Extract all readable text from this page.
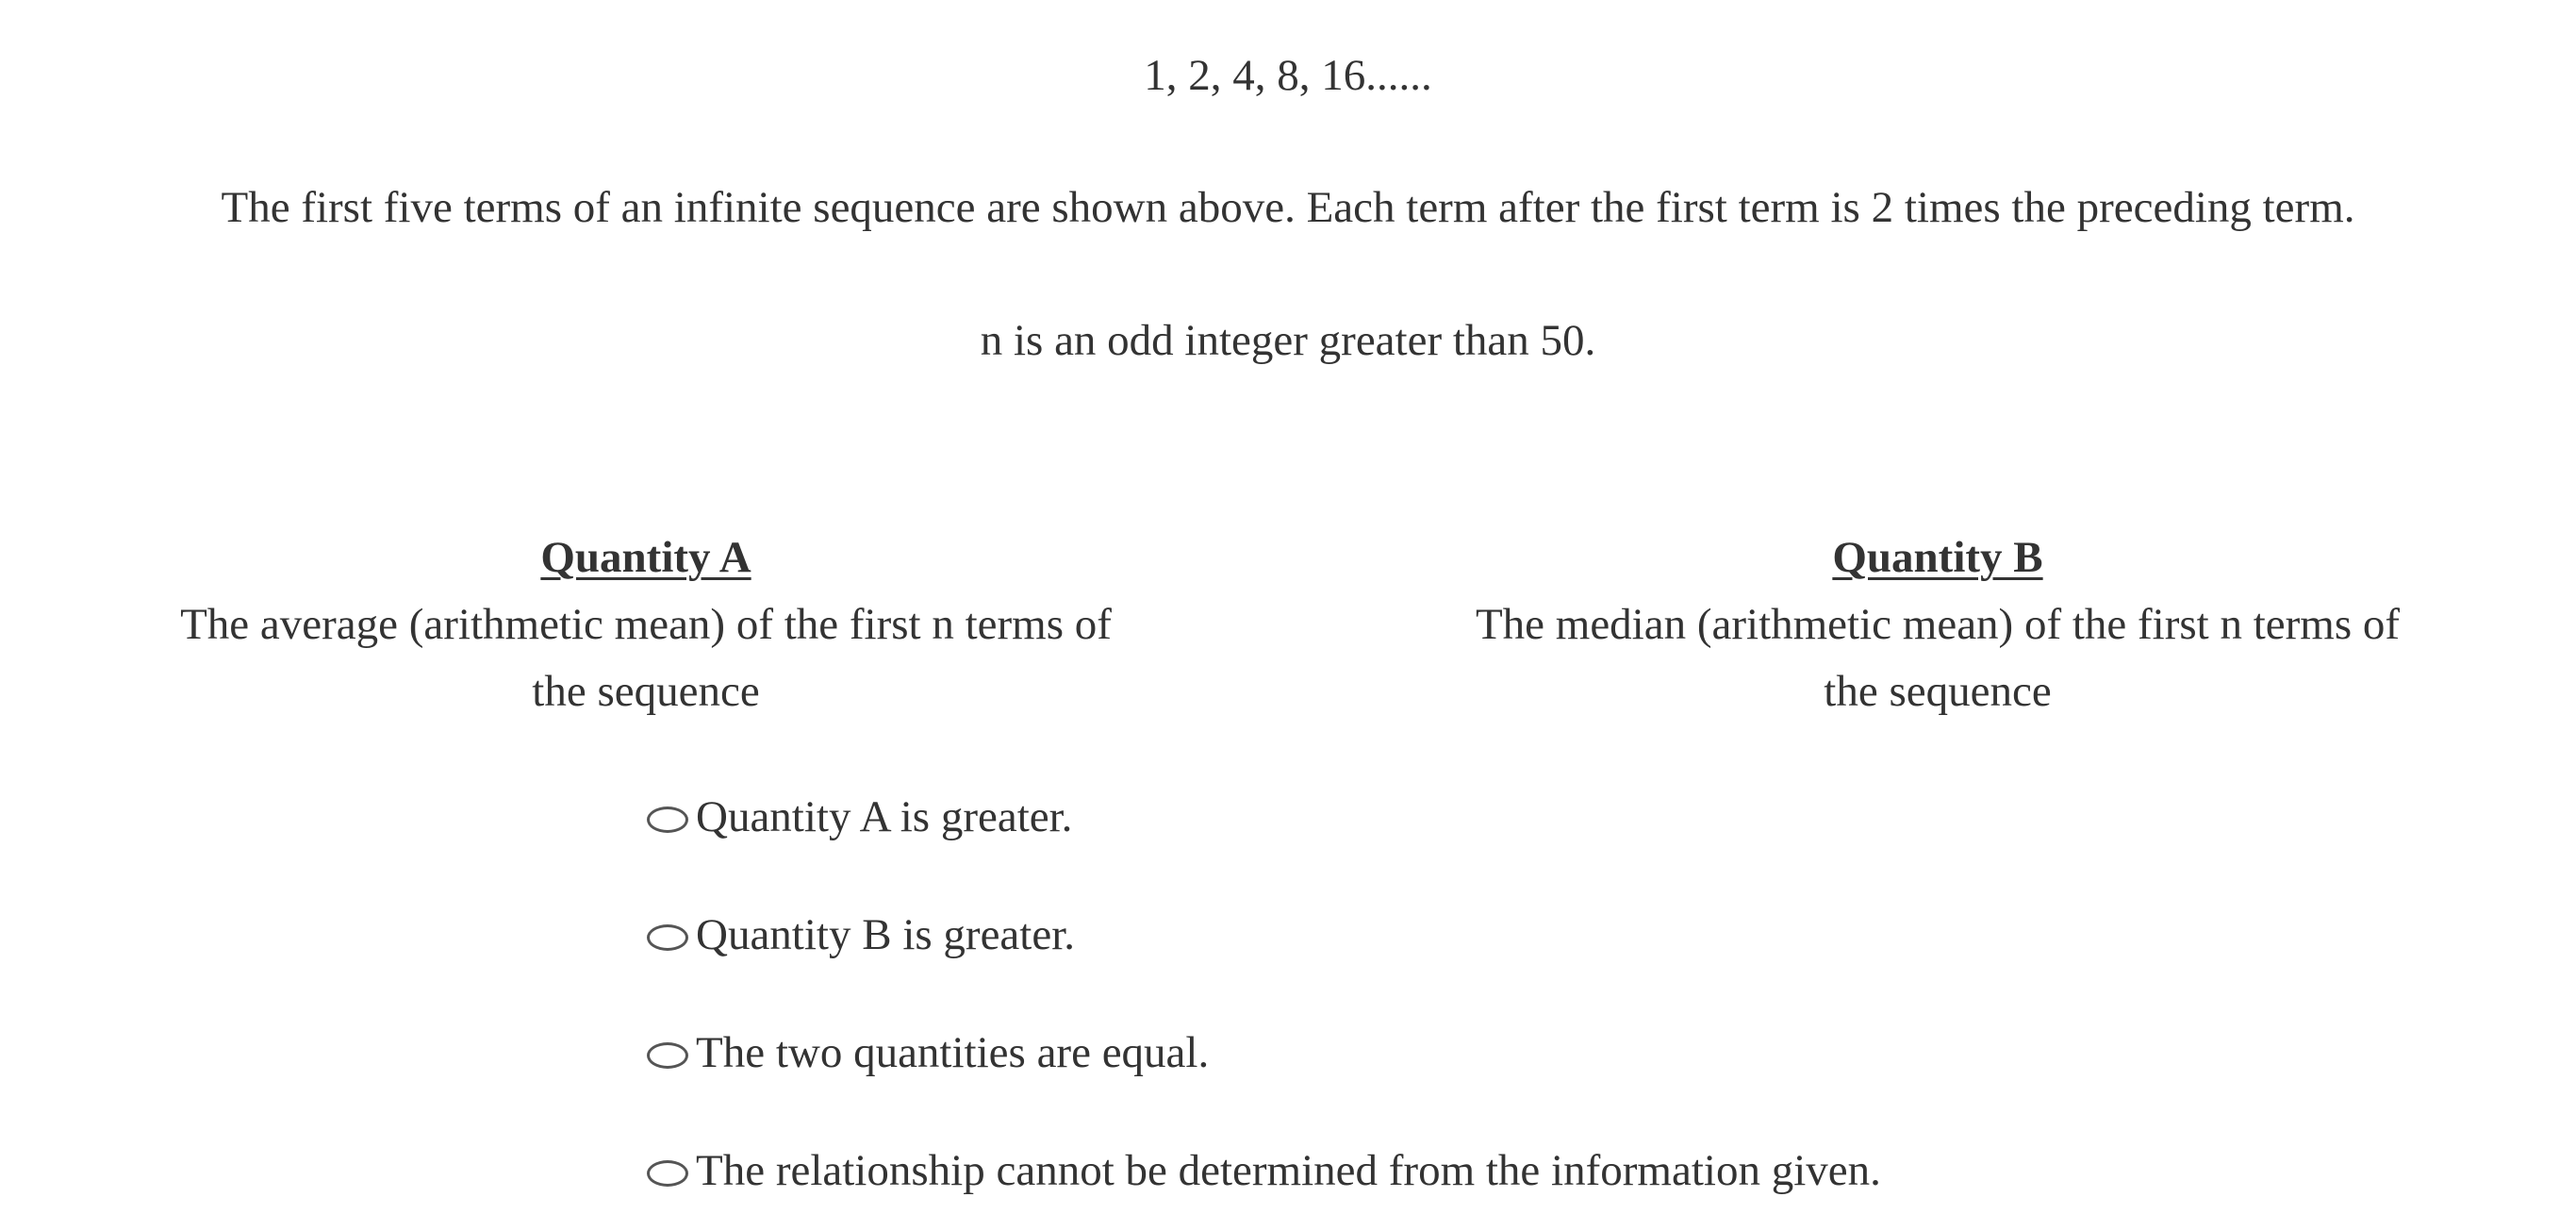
1, 2, 4, 8, 16......
The first five terms of an infinite sequence are shown above. Each term after the first term is 2 times the preceding term.
n is an odd integer greater than 50.
Quantity A
The average (arithmetic mean) of the first n terms of
the sequence
Quantity B
The median (arithmetic mean) of the first n terms of
the sequence
Quantity A is greater.
Quantity B is greater.
The two quantities are equal.
The relationship cannot be determined from the information given.
